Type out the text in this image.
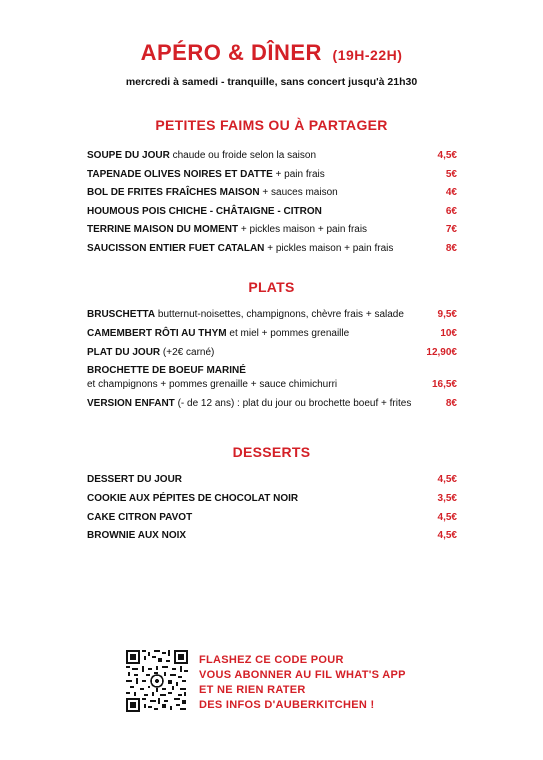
APÉRO & DÎNER (19H-22H)
mercredi à samedi - tranquille, sans concert jusqu'à 21h30
PETITES FAIMS OU À PARTAGER
SOUPE DU JOUR chaude ou froide selon la saison	4,5€
TAPENADE OLIVES NOIRES ET DATTE + pain frais	5€
BOL DE FRITES FRAÎCHES MAISON + sauces maison	4€
HOUMOUS POIS CHICHE - CHÂTAIGNE - CITRON	6€
TERRINE MAISON DU MOMENT + pickles maison + pain frais	7€
SAUCISSON ENTIER FUET CATALAN + pickles maison + pain frais	8€
PLATS
BRUSCHETTA butternut-noisettes, champignons, chèvre frais + salade	9,5€
CAMEMBERT RÔTI AU THYM et miel + pommes grenaille	10€
PLAT DU JOUR (+2€ carné)	12,90€
BROCHETTE DE BOEUF MARINÉ
et champignons + pommes grenaille + sauce chimichurri	16,5€
VERSION ENFANT (- de 12 ans) : plat du jour ou brochette boeuf + frites	8€
DESSERTS
DESSERT DU JOUR	4,5€
COOKIE AUX PÉPITES DE CHOCOLAT NOIR	3,5€
CAKE CITRON PAVOT	4,5€
BROWNIE AUX NOIX	4,5€
FLASHEZ CE CODE POUR
VOUS ABONNER AU FIL WHAT'S APP
ET NE RIEN RATER
DES INFOS D'AUBERKITCHEN !
